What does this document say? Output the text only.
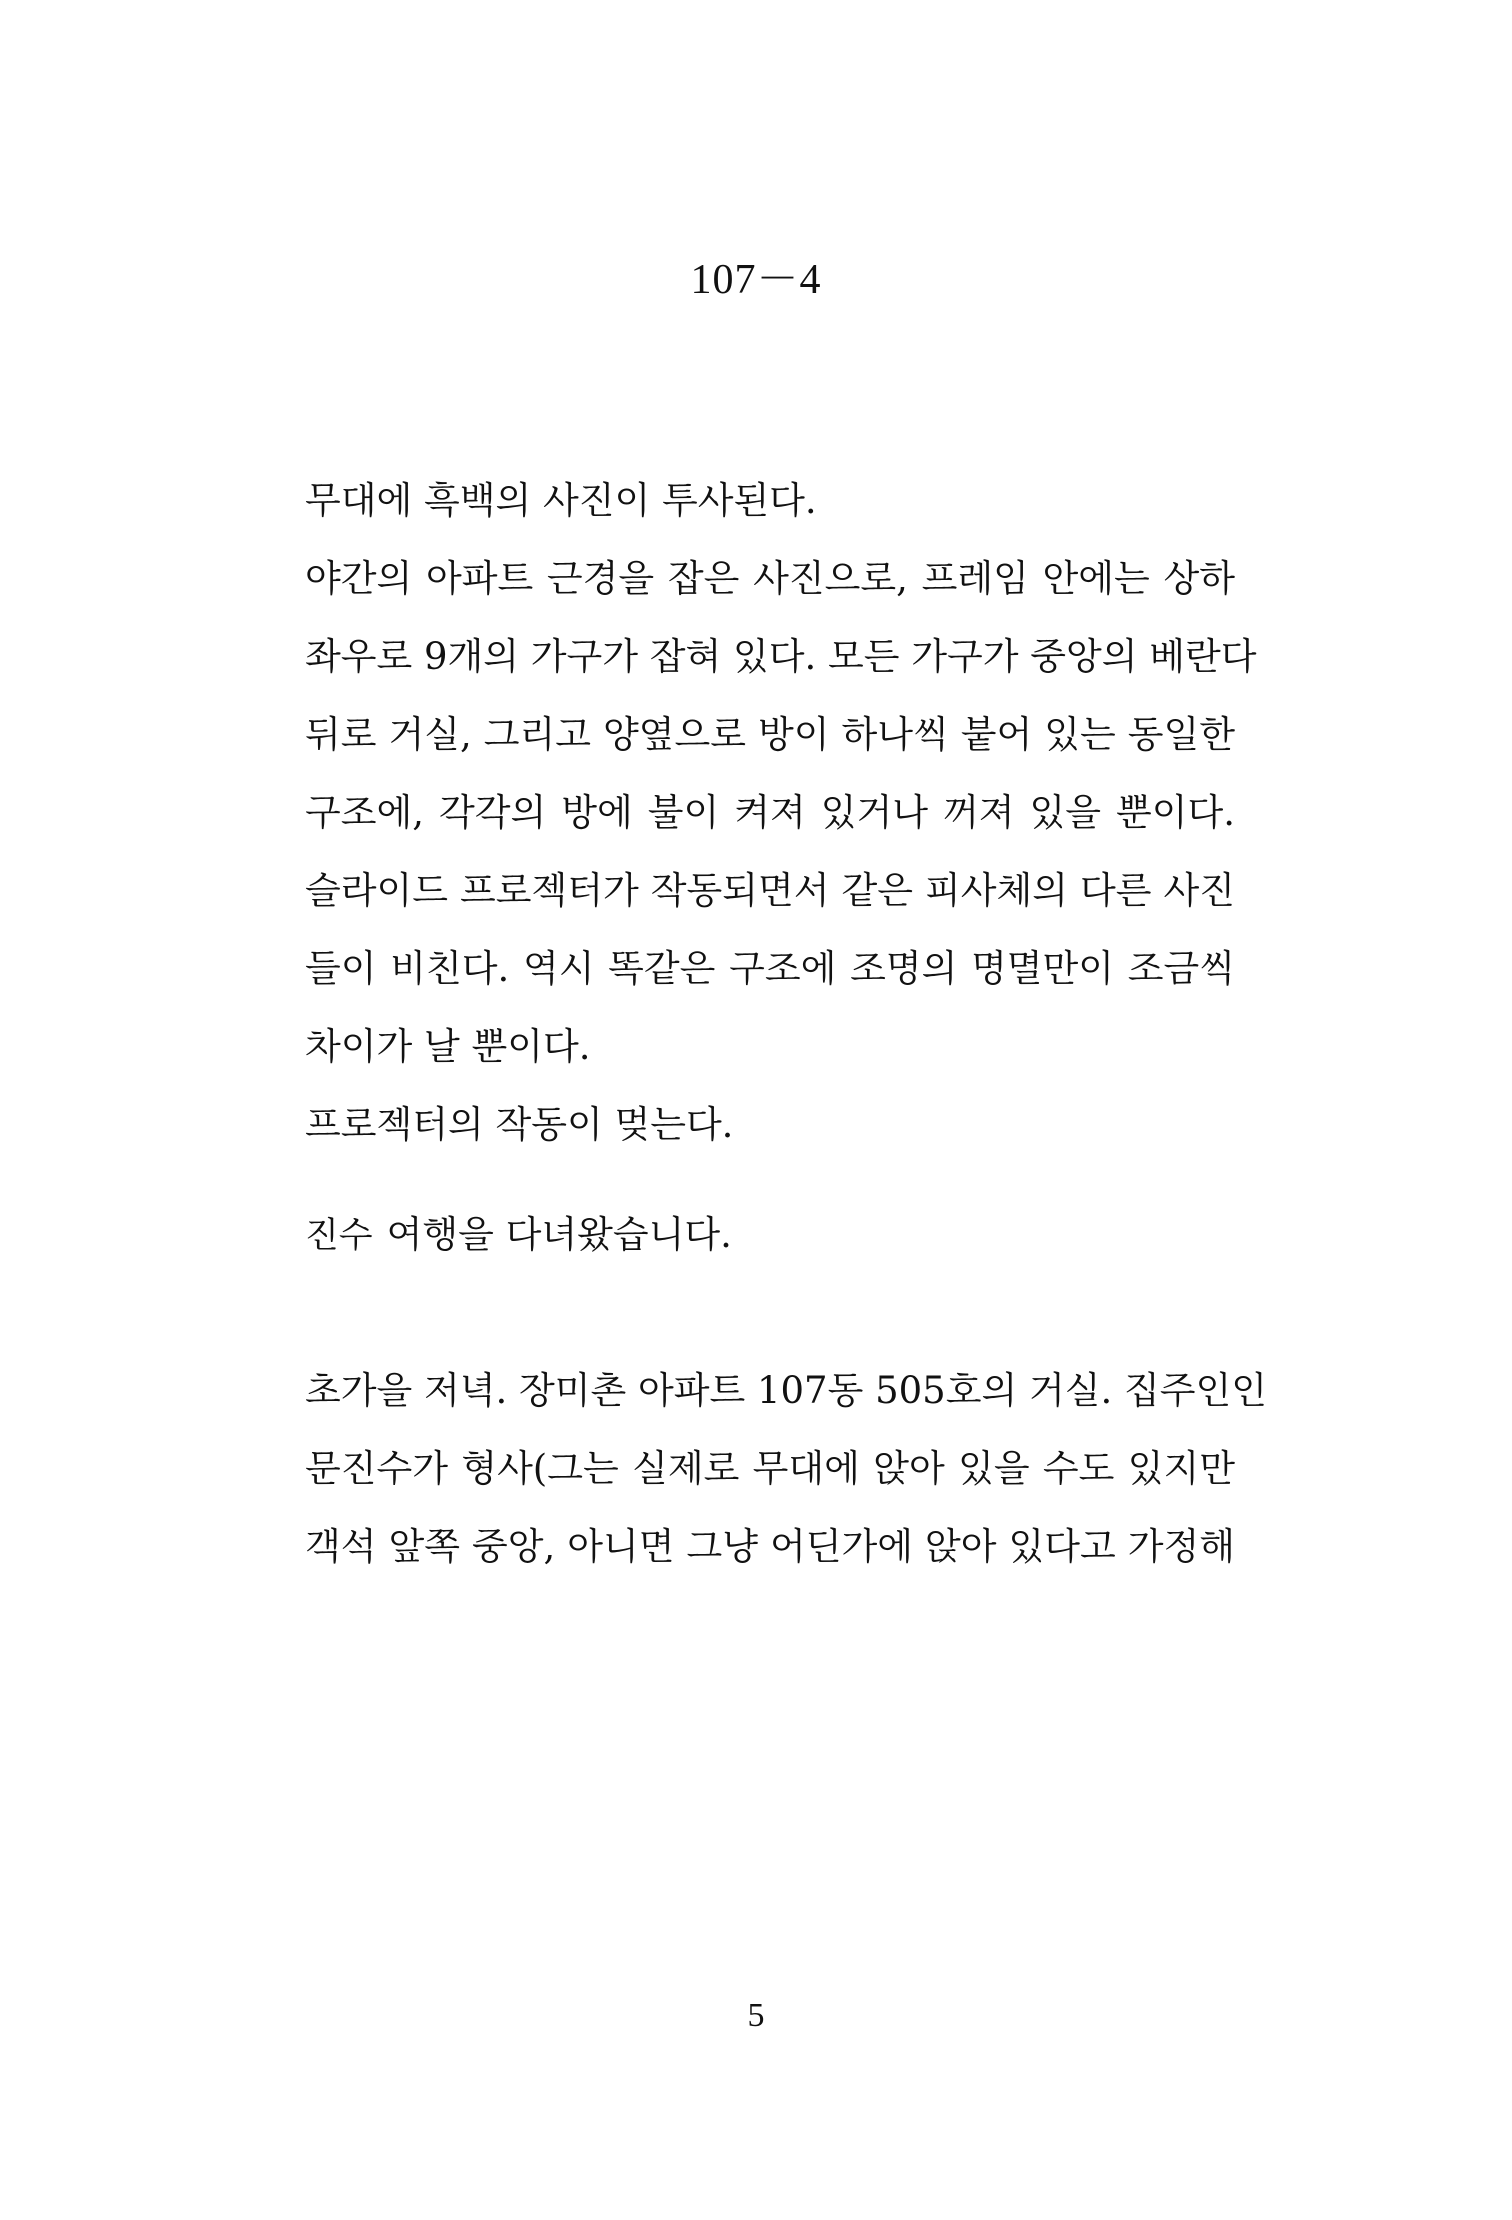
107－4
무대에 흑백의 사진이 투사된다.
야간의 아파트 근경을 잡은 사진으로, 프레임 안에는 상하
좌우로 9개의 가구가 잡혀 있다. 모든 가구가 중앙의 베란다
뒤로 거실, 그리고 양옆으로 방이 하나씩 붙어 있는 동일한
구조에, 각각의 방에 불이 켜져 있거나 꺼져 있을 뿐이다.
슬라이드 프로젝터가 작동되면서 같은 피사체의 다른 사진
들이 비친다. 역시 똑같은 구조에 조명의 명멸만이 조금씩
차이가 날 뿐이다.
프로젝터의 작동이 멎는다.
진수 여행을 다녀왔습니다.
초가을 저녁. 장미촌 아파트 107동 505호의 거실. 집주인인
문진수가 형사(그는 실제로 무대에 앉아 있을 수도 있지만
객석 앞쪽 중앙, 아니면 그냥 어딘가에 앉아 있다고 가정해
5
